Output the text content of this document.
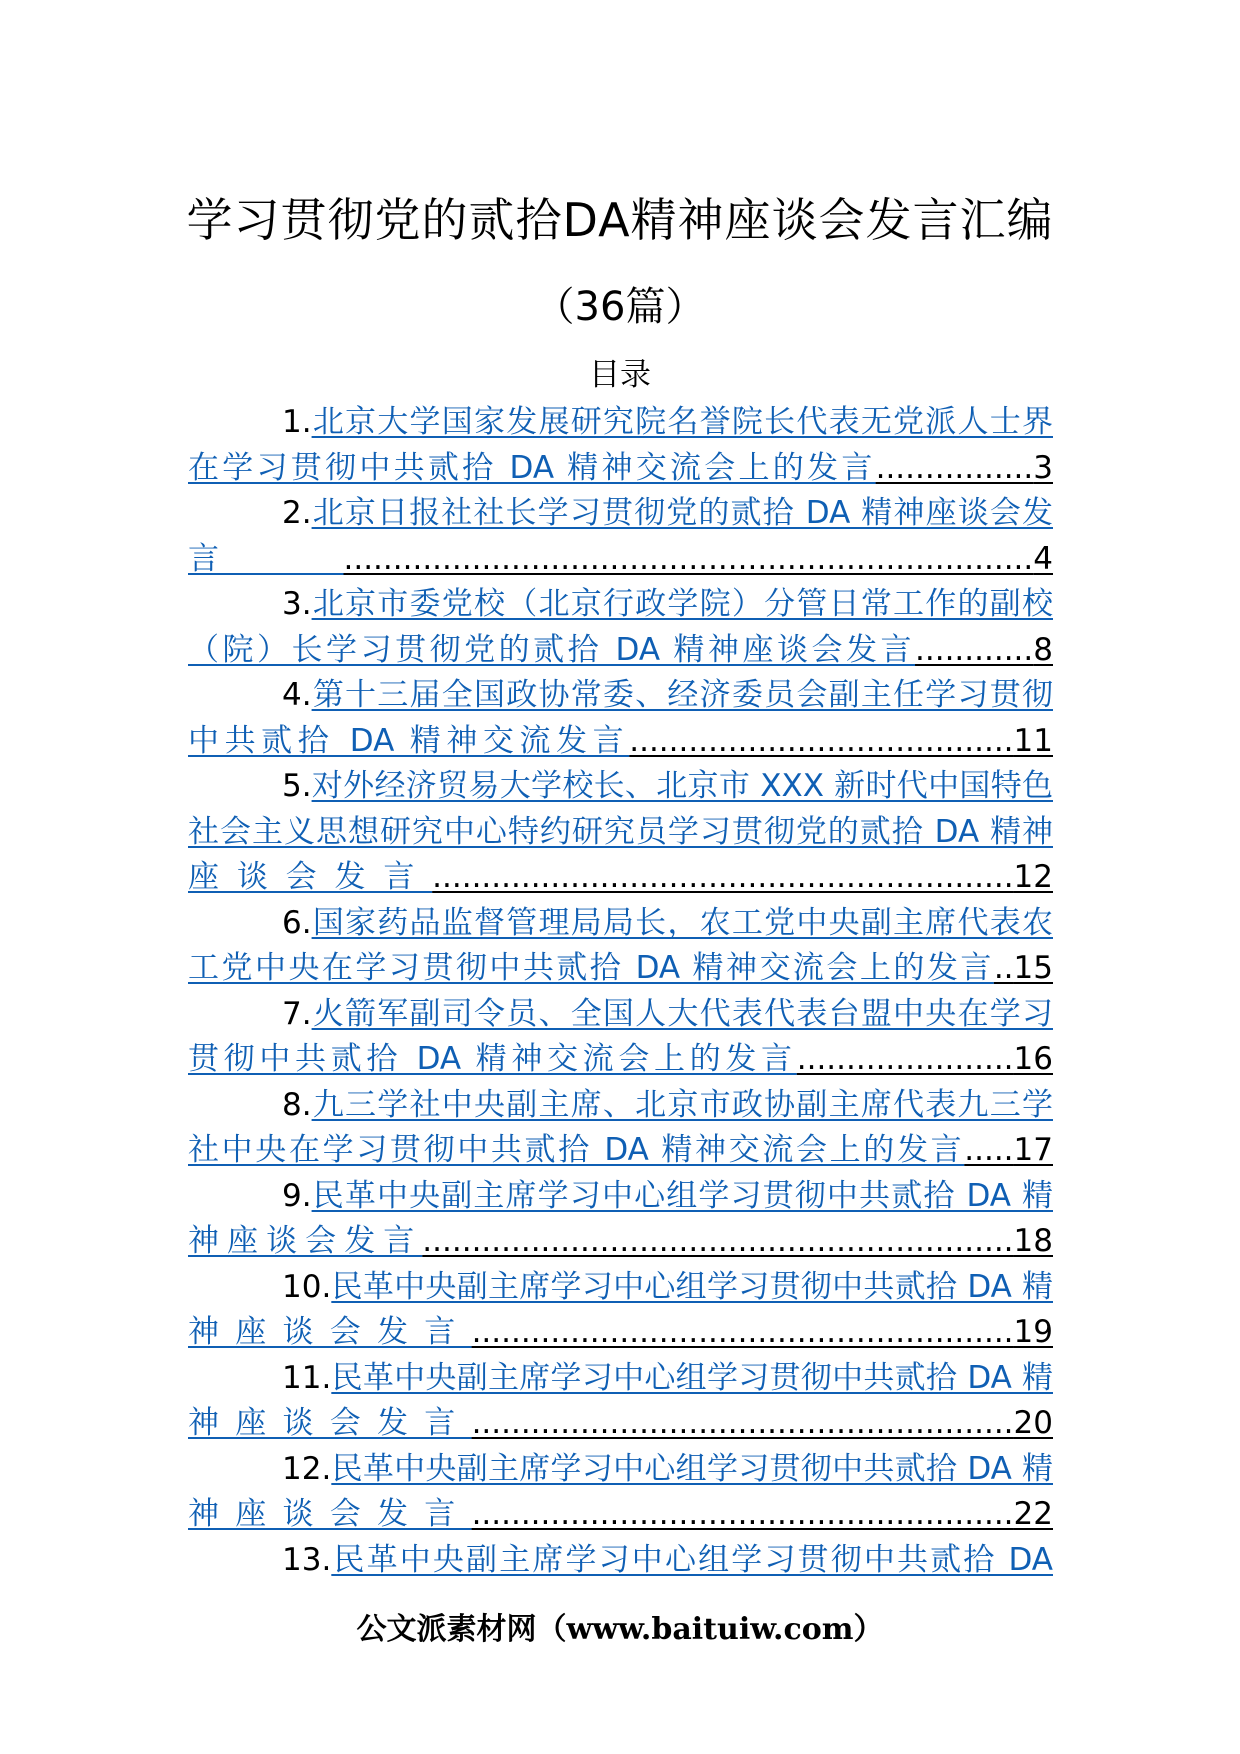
学习贯彻党的贰拾DA精神座谈会发言汇编
（36篇）
目录
1.北京大学国家发展研究院名誉院长代表无党派人士界在学习贯彻中共贰拾 DA 精神交流会上的发言................3
2.北京日报社社长学习贯彻党的贰拾 DA 精神座谈会发言......................................................................4
3.北京市委党校（北京行政学院）分管日常工作的副校（院）长学习贯彻党的贰拾 DA 精神座谈会发言............8
4.第十三届全国政协常委、经济委员会副主任学习贯彻中共贰拾 DA 精神交流发言.......................................11
5.对外经济贸易大学校长、北京市 XXX 新时代中国特色社会主义思想研究中心特约研究员学习贯彻党的贰拾 DA 精神座谈会发言...........................................................12
6.国家药品监督管理局局长，农工党中央副主席代表农工党中央在学习贯彻中共贰拾 DA 精神交流会上的发言..15
7.火箭军副司令员、全国人大代表代表台盟中央在学习贯彻中共贰拾 DA 精神交流会上的发言......................16
8.九三学社中央副主席、北京市政协副主席代表九三学社中央在学习贯彻中共贰拾 DA 精神交流会上的发言.....17
9.民革中央副主席学习中心组学习贯彻中共贰拾 DA 精神座谈会发言............................................................18
10.民革中央副主席学习中心组学习贯彻中共贰拾 DA 精神座谈会发言.......................................................19
11.民革中央副主席学习中心组学习贯彻中共贰拾 DA 精神座谈会发言.......................................................20
12.民革中央副主席学习中心组学习贯彻中共贰拾 DA 精神座谈会发言.......................................................22
13.民革中央副主席学习中心组学习贯彻中共贰拾 DA
公文派素材网（www.baituiw.com）
